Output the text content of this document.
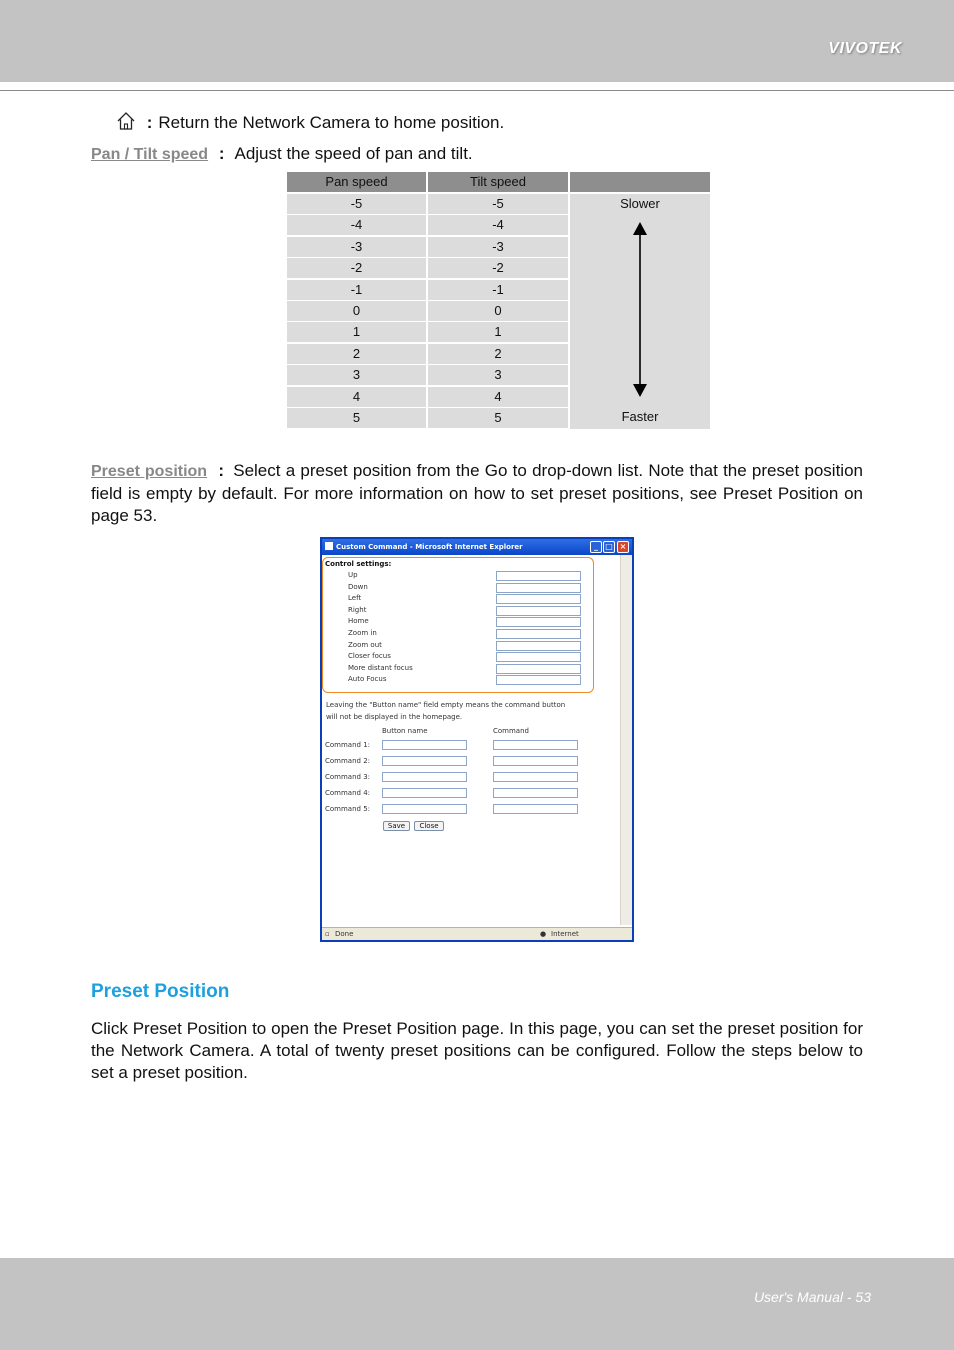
VIVOTEK
: Return the Network Camera to home position.
Pan / Tilt speed : Adjust the speed of pan and tilt.
Pan speed	Tilt speed
-5	-5
-4	-4
-3	-3
-2	-2
-1	-1
0	0
1	1
2	2
3	3
4	4
5	5
Slower
Faster
Preset position : Select a preset position from the Go to drop-down list. Note that the preset position field is empty by default. For more information on how to set preset positions, see Preset Position on page 53.
Custom Command - Microsoft Internet Explorer	_ □ ×
Control settings:
Up
Down
Left
Right
Home
Zoom in
Zoom out
Closer focus
More distant focus
Auto Focus
Leaving the "Button name" field empty means the command button
will not be displayed in the homepage.
Button name	Command
Command 1:
Command 2:
Command 3:
Command 4:
Command 5:
Save	Close
▫ Done	● Internet
Preset Position
Click Preset Position to open the Preset Position page. In this page, you can set the preset position for the Network Camera. A total of twenty preset positions can be configured. Follow the steps below to set a preset position.
User's Manual - 53
